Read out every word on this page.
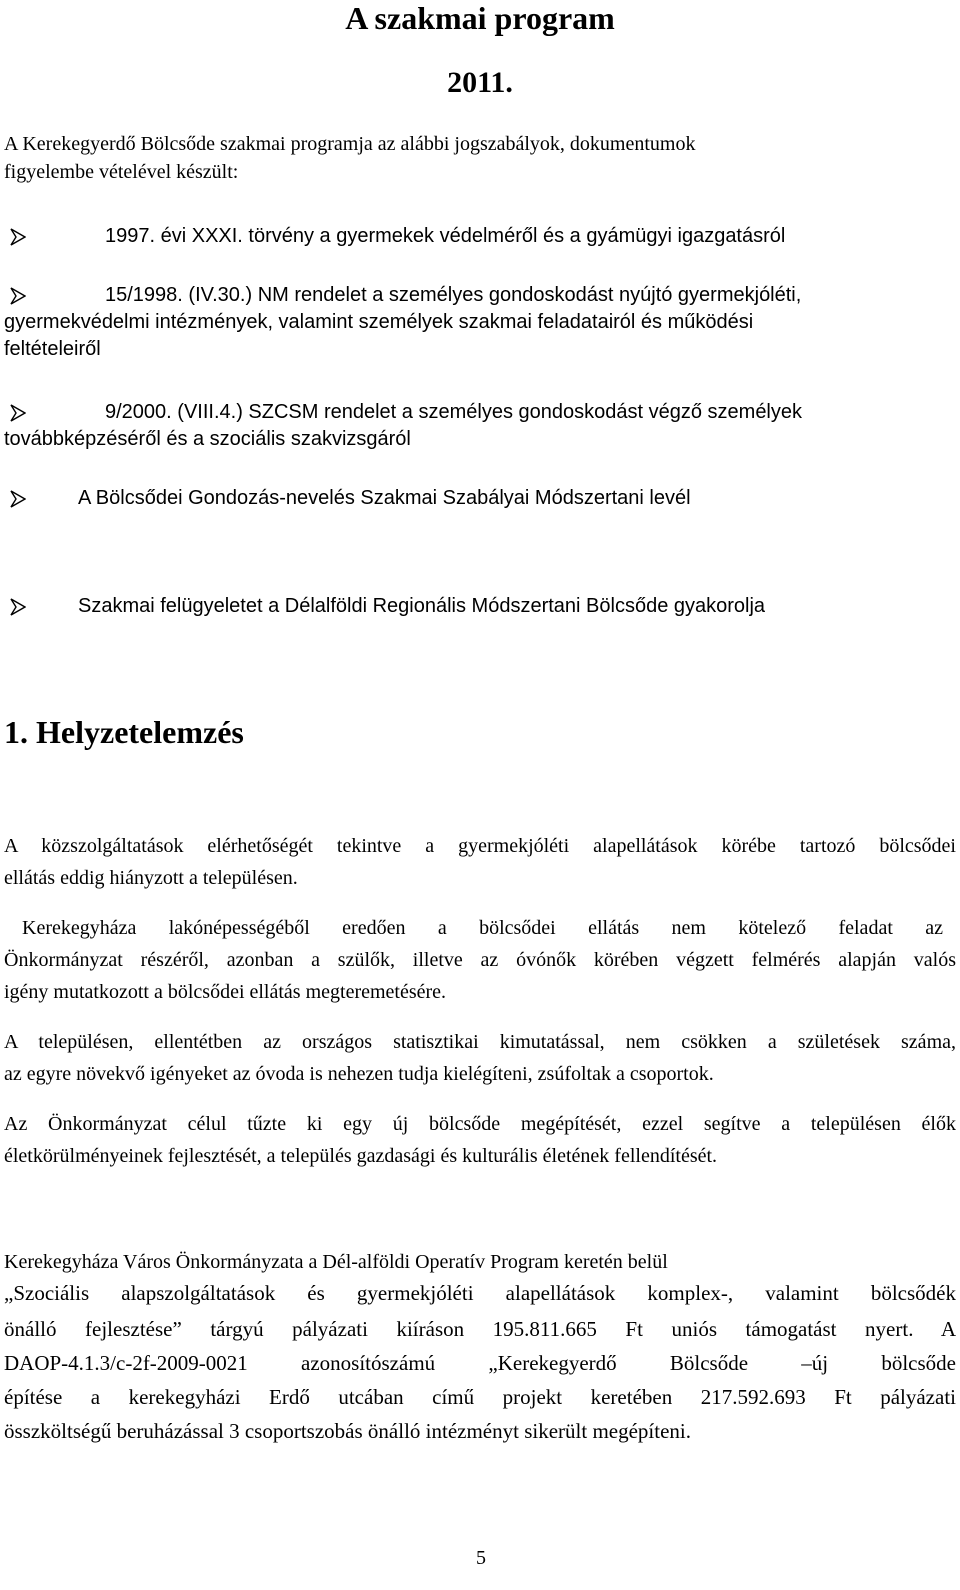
A szakmai program
2011.
A Kerekegyerdő Bölcsőde szakmai programja az alábbi jogszabályok, dokumentumok
figyelembe vételével készült:
1997. évi XXXI. törvény a gyermekek védelméről és a gyámügyi igazgatásról
15/1998. (IV.30.) NM rendelet a személyes gondoskodást nyújtó gyermekjóléti,
gyermekvédelmi intézmények, valamint személyek szakmai feladatairól és működési
feltételeiről
9/2000. (VIII.4.) SZCSM rendelet a személyes gondoskodást végző személyek
továbbképzéséről és a szociális szakvizsgáról
A Bölcsődei Gondozás-nevelés Szakmai Szabályai Módszertani levél
Szakmai felügyeletet a Délalföldi Regionális Módszertani Bölcsőde gyakorolja
1. Helyzetelemzés
A közszolgáltatások elérhetőségét tekintve a gyermekjóléti alapellátások körébe tartozó bölcsődei
ellátás eddig hiányzott a településen.
Kerekegyháza lakónépességéből eredően a bölcsődei ellátás nem kötelező feladat az
Önkormányzat részéről, azonban a szülők, illetve az óvónők körében végzett felmérés alapján valós
igény mutatkozott a bölcsődei ellátás megteremetésére.
A településen, ellentétben az országos statisztikai kimutatással, nem csökken a születések száma,
az egyre növekvő igényeket az óvoda is nehezen tudja kielégíteni, zsúfoltak a csoportok.
Az Önkormányzat célul tűzte ki egy új bölcsőde megépítését, ezzel segítve a településen élők
életkörülményeinek fejlesztését, a település gazdasági és kulturális életének fellendítését.
Kerekegyháza Város Önkormányzata a Dél-alföldi Operatív Program keretén belül
„Szociális alapszolgáltatások és gyermekjóléti alapellátások komplex-, valamint bölcsődék
önálló fejlesztése” tárgyú pályázati kiíráson 195.811.665 Ft uniós támogatást nyert. A
DAOP-4.1.3/c-2f-2009-0021 azonosítószámú „Kerekegyerdő Bölcsőde –új bölcsőde
építése a kerekegyházi Erdő utcában című projekt keretében 217.592.693 Ft pályázati
összköltségű beruházással 3 csoportszobás önálló intézményt sikerült megépíteni.
5
